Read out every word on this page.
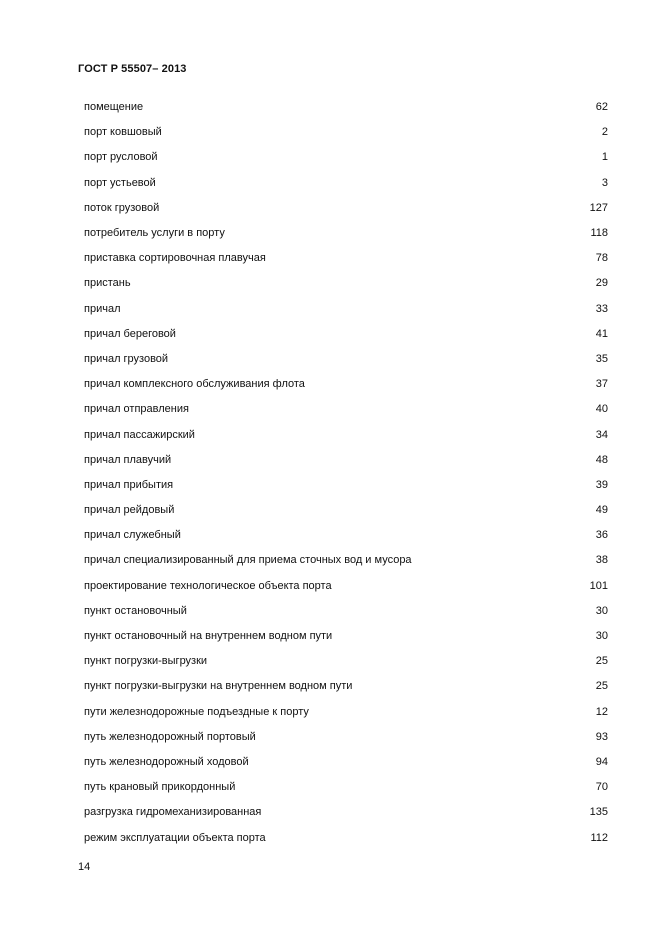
ГОСТ Р 55507– 2013
помещение	62
порт ковшовый	2
порт русловой	1
порт устьевой	3
поток грузовой	127
потребитель услуги в порту	118
приставка сортировочная плавучая	78
пристань	29
причал	33
причал береговой	41
причал грузовой	35
причал комплексного обслуживания флота	37
причал отправления	40
причал пассажирский	34
причал плавучий	48
причал прибытия	39
причал рейдовый	49
причал служебный	36
причал специализированный для приема сточных вод и мусора	38
проектирование технологическое объекта порта	101
пункт остановочный	30
пункт остановочный на внутреннем водном пути	30
пункт погрузки-выгрузки	25
пункт погрузки-выгрузки на внутреннем водном пути	25
пути железнодорожные подъездные к порту	12
путь железнодорожный портовый	93
путь железнодорожный ходовой	94
путь крановый прикордонный	70
разгрузка гидромеханизированная	135
режим эксплуатации объекта порта	112
14
